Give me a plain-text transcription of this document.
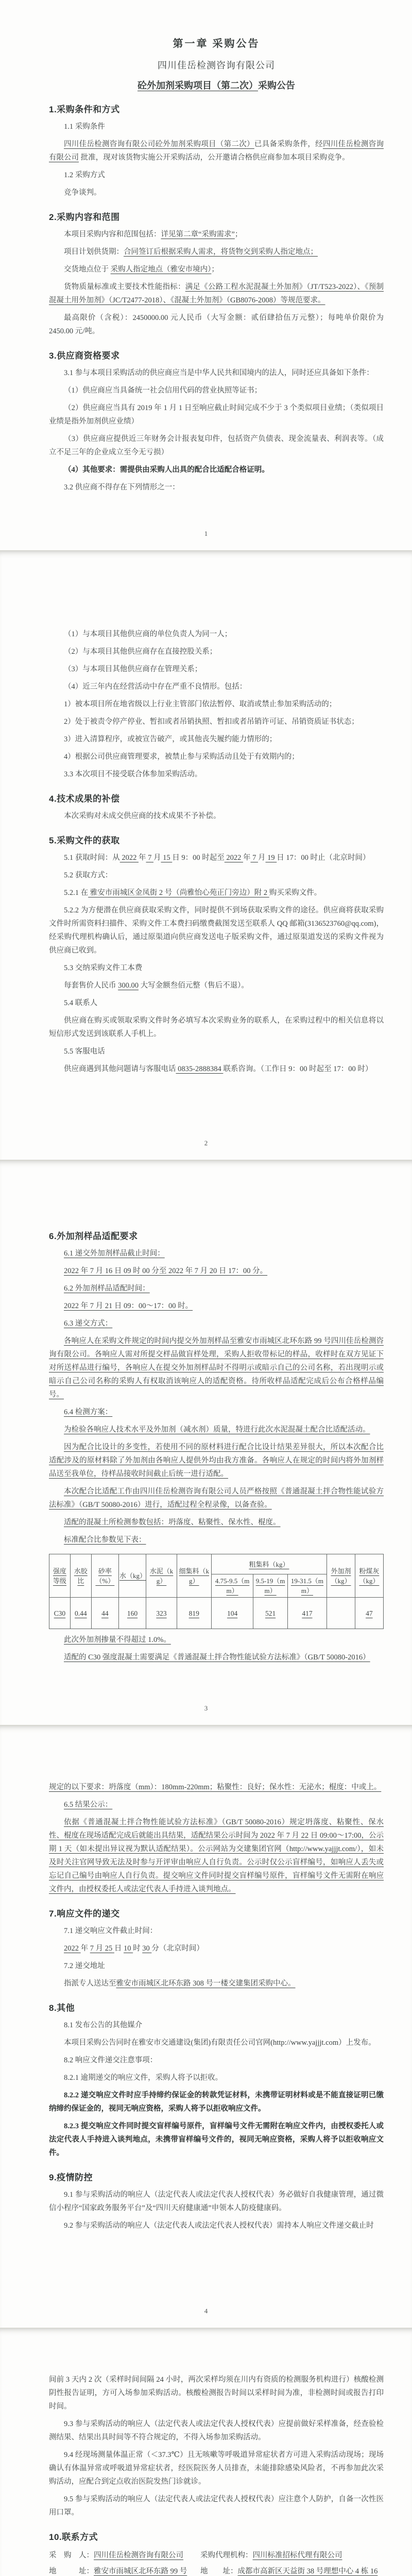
第一章 采购公告
四川佳岳检测咨询有限公司
砼外加剂采购项目（第二次）采购公告
1.采购条件和方式
1.1 采购条件
四川佳岳检测咨询有限公司砼外加剂采购项目（第二次）已具备采购条件，经四川佳岳检测咨询有限公司 批准，现对该货物实施公开采购活动，公开邀请合格供应商参加本项目采购竞争。
1.2 采购方式
竞争谈判。
2.采购内容和范围
本项目采购内容和范围包括：详见第二章“采购需求”；
项目计划供货期：合同签订后根据采购人需求，将货物交到采购人指定地点；
交货地点位于 采购人指定地点（雅安市境内）；
货物质量标准或主要技术性能指标：满足《公路工程水泥混凝土外加剂》（JT/T523-2022）、《预制混凝土用外加剂》（JC/T2477-2018）、《混凝土外加剂》（GB8076-2008）等规范要求。
最高限价（含税）：2450000.00 元人民币（大写金额：贰佰肆拾伍万元整）；每吨单价限价为 2450.00 元/吨。
3.供应商资格要求
3.1 参与本项目采购活动的供应商应当是中华人民共和国境内的法人，同时还应具备如下条件：
（1）供应商应当具备统一社会信用代码的营业执照等证书；
（2）供应商应当具有 2019 年 1 月 1 日至响应截止时间完成不少于 3 个类似项目业绩；（类似项目业绩是指外加剂供应业绩）
（3）供应商应提供近三年财务会计报表复印件，包括资产负债表、现金流量表、利润表等。（成立不足三年的企业成立至今无亏损）
（4）其他要求：需提供由采购人出具的配合比适配合格证明。
3.2 供应商不得存在下列情形之一：
1
（1）与本项目其他供应商的单位负责人为同一人；
（2）与本项目其他供应商存在直接控股关系；
（3）与本项目其他供应商存在管理关系；
（4）近三年内在经营活动中存在严重不良情形。包括：
1）被本项目所在地省级以上行业主管部门依法暂停、取消或禁止参加采购活动的；
2）处于被责令停产停业、暂扣或者吊销执照、暂扣或者吊销许可证、吊销资质证书状态；
3）进入清算程序，或被宣告破产，或其他丧失履约能力情形的；
4）根据公司供应商管理要求，被禁止参与采购活动且处于有效期内的；
3.3 本次项目不接受联合体参加采购活动。
4.技术成果的补偿
本次采购对未成交供应商的技术成果不予补偿。
5.采购文件的获取
5.1 获取时间：从 2022 年 7 月 15 日 9：00 时起至 2022 年 7 月 19 日 17：00 时止（北京时间）
5.2 获取方式：
5.2.1 在 雅安市雨城区金凤街 2 号（尚雅怡心苑正门旁边）附 2 购买采购文件。
5.2.2 为方便潜在供应商获取采购文件，同时提供不到场获取采购文件的途径。供应商将获取采购文件时所需资料扫描件、采购文件工本费扫码缴费截图发送至联系人 QQ 邮箱(3136523760@qq.com)，经采购代理机构确认后，通过原渠道向供应商发送电子版采购文件，通过原渠道发送的采购文件视为供应商已收到。
5.3 交纳采购文件工本费
每套售价人民币 300.00 大写金额叁佰元整（售后不退）。
5.4 联系人
供应商在购买或领取采购文件时务必填写本次采购业务的联系人，在采购过程中的相关信息将以短信形式发送到该联系人手机上。
5.5 客服电话
供应商遇到其他问题请与客服电话 0835-2888384 联系咨询。（工作日 9：00 时起至 17：00 时）
2
6.外加剂样品适配要求
6.1 递交外加剂样品截止时间：
2022 年 7 月 16 日 09 时 00 分至 2022 年 7 月 20 日 17：00 分。
6.2 外加剂样品适配时间：
2022 年 7 月 21 日 09：00～17：00 时。
6.3 递交方式：
各响应人在采购文件规定的时间内提交外加剂样品至雅安市雨城区北环东路 99 号四川佳岳检测咨询有限公司。各响应人需对所提交样品做盲样处理，采购人拒收带标记的样品，收样时在双方见证下对所送样品进行编号，各响应人在提交外加剂样品时不得明示或暗示自己的公司名称，若出现明示或暗示自己公司名称的采购人有权取消该响应人的适配资格。待所收样品适配完成后公布合格样品编号。
6.4 检测方案：
为检验各响应人技术水平及外加剂（减水剂）质量，特进行此次水泥混凝土配合比适配活动。
因为配合比设计的多变性，若使用不同的原材料进行配合比设计结果差异很大，所以本次配合比适配涉及的原材料除了外加剂由各响应人提供外均由我方准备。各响应人在规定的时间内将外加剂样品送至我单位，待样品接收时间截止后统一进行适配。
本次配合比适配工作由四川佳岳检测咨询有限公司人员严格按照《普通混凝土拌合物性能试验方法标准》（GB/T 50080-2016）进行，适配过程全程录像，以备查验。
适配的混凝土所检测参数包括：坍落度、粘聚性、保水性、棍度。
标准配合比参数见下表：
强度等级	水胶比	砂率（%）	水（kg）	水泥（kg）	细集料（kg）	粗集料（kg）			外加剂（kg）	粉煤灰（kg）
						4.75-9.5（mm）	9.5-19（mm）	19-31.5（mm）		
C30	0.44	44	160	323	819	104	521	417		47
此次外加剂掺量不得超过 1.0%。
适配的 C30 强度混凝土需要满足《普通混凝土拌合物性能试验方法标准》（GB/T 50080-2016）
3
规定的以下要求：坍落度（mm）：180mm-220mm；粘聚性：良好；保水性：无泌水；棍度：中或上。
6.5 结果公示：
依据《普通混凝土拌合物性能试验方法标准》（GB/T 50080-2016）规定坍落度、粘聚性、保水性、棍度在现场适配完成后就能出具结果，适配结果公示时间为 2022 年 7 月 22 日 09:00～17:00，公示期 1 天（如未提出异议视为默认适配结果）。公示网站为交建集团官网（http://www.yajjjt.com/），如未及时关注官网导致无法及时参与开评审由响应人自行负责。公示时仅公示盲样编号，如响应人丢失或忘记自己编号由响应人自行负责。提交响应文件同时提交盲样编号原件，盲样编号文件无需附在响应文件内，由授权委托人或法定代表人手持进入谈判地点。
7.响应文件的递交
7.1 递交响应文件截止时间：
2022 年 7 月 25 日 10 时 30 分（北京时间）
7.2 递交地址
指派专人送达至雅安市雨城区北环东路 308 号一楼交建集团采购中心。
8.其他
8.1 发布公告的其他媒介
本项目采购公告同时在雅安市交通建设(集团)有限责任公司官网(http://www.yajjjt.com）上发布。
8.2 响应文件递交注意事项：
8.2.1 逾期递交的响应文件，采购人将予以拒收。
8.2.2 递交响应文件时应手持缔约保证金的转款凭证材料，未携带证明材料或是不能直接证明已缴纳缔约保证金的，视同无响应资格，采购人将予以拒收响应文件。
8.2.3 提交响应文件同时提交盲样编号原件，盲样编号文件无需附在响应文件内，由授权委托人或法定代表人手持进入谈判地点，未携带盲样编号文件的，视同无响应资格，采购人将予以拒收响应文件。
9.疫情防控
9.1 参与采购活动的响应人（法定代表人或法定代表人授权代表）务必做好自我健康管理，通过微信小程序“国家政务服务平台”及“四川天府健康通”申领本人防疫健康码。
9.2 参与采购活动的响应人（法定代表人或法定代表人授权代表）需持本人响应文件递交截止时
4
间前 3 天内 2 次（采样时间间隔 24 小时，两次采样均须在川内有资质的检测服务机构进行）核酸检测阴性报告证明，方可入场参加采购活动。核酸检测报告时间以采样时间为准，非检测时间或报告打印时间。
9.3 参与采购活动的响应人（法定代表人或法定代表人授权代表）应提前做好采样准备，经查验检测结果、结果出具时间等不符合规定的，不得入场参加采购活动。
9.4 经现场测量体温正常（＜37.3℃）且无咳嗽等呼吸道异常症状者方可进入采购活动现场；现场确认有体温异常或呼吸道异常症状者，经医院医务人员排查，未能排除感染风险者，不再参加此次采购活动，应配合到定点收治医院发热门诊就诊。
9.5 参与采购活动的响应人（法定代表人或法定代表人授权代表）应注意个人防护，自备一次性医用口罩。
10.联系方式
采　购　人： 四川佳岳检测咨询有限公司
地　　　址： 雅安市雨城区北环东路 99 号
采购代理机构： 四川标准招标代理有限公司
地　　址： 成都市高新区天益街 38 号理想中心 4 栋 16
